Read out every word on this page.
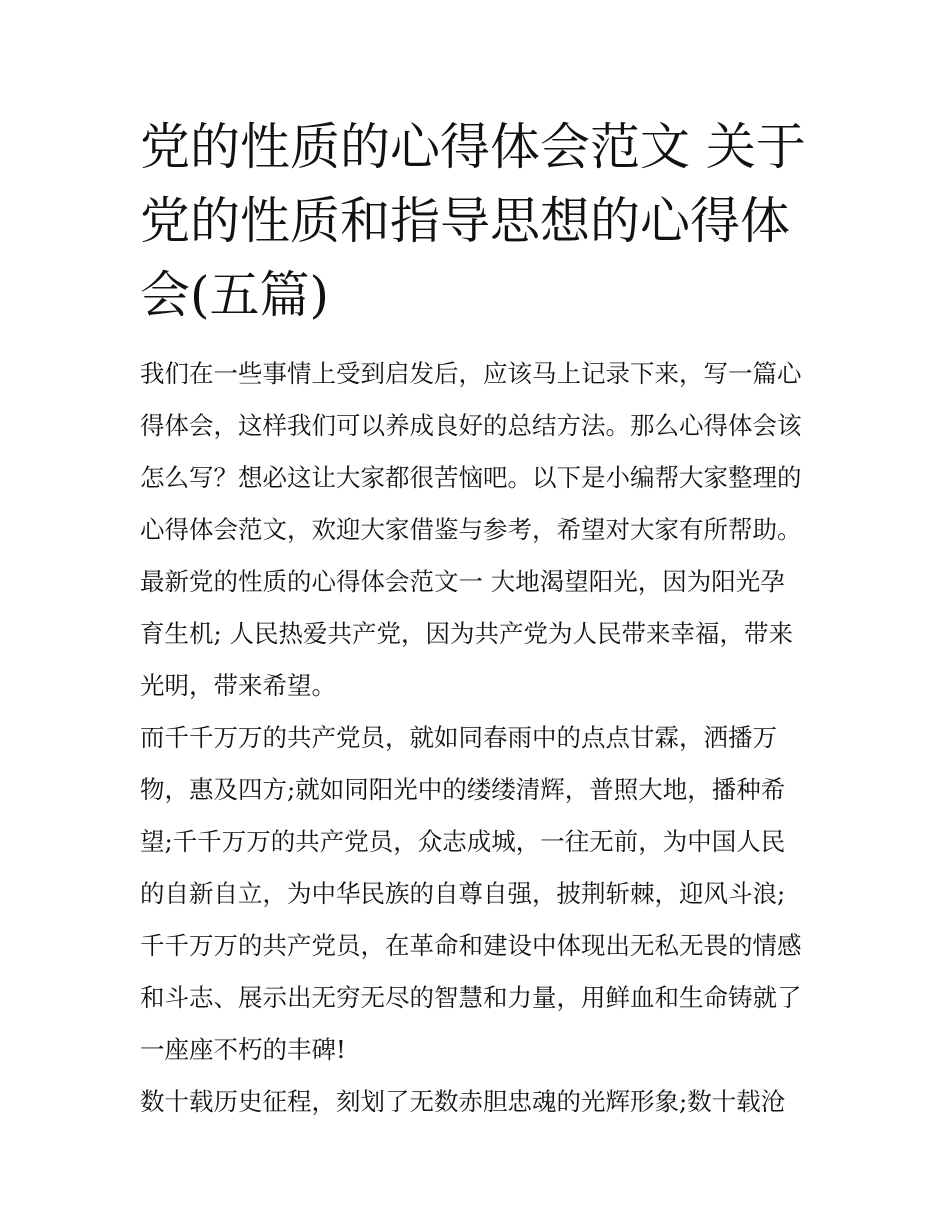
党的性质的心得体会范文 关于
党的性质和指导思想的心得体
会(五篇)
我们在一些事情上受到启发后，应该马上记录下来，写一篇心
得体会，这样我们可以养成良好的总结方法。那么心得体会该
怎么写？想必这让大家都很苦恼吧。以下是小编帮大家整理的
心得体会范文，欢迎大家借鉴与参考，希望对大家有所帮助。
最新党的性质的心得体会范文一 大地渴望阳光，因为阳光孕
育生机; 人民热爱共产党，因为共产党为人民带来幸福，带来
光明，带来希望。
而千千万万的共产党员，就如同春雨中的点点甘霖，洒播万
物，惠及四方;就如同阳光中的缕缕清辉，普照大地，播种希
望;千千万万的共产党员，众志成城，一往无前，为中国人民
的自新自立，为中华民族的自尊自强，披荆斩棘，迎风斗浪;
千千万万的共产党员，在革命和建设中体现出无私无畏的情感
和斗志、展示出无穷无尽的智慧和力量，用鲜血和生命铸就了
一座座不朽的丰碑!
数十载历史征程，刻划了无数赤胆忠魂的光辉形象;数十载沧
